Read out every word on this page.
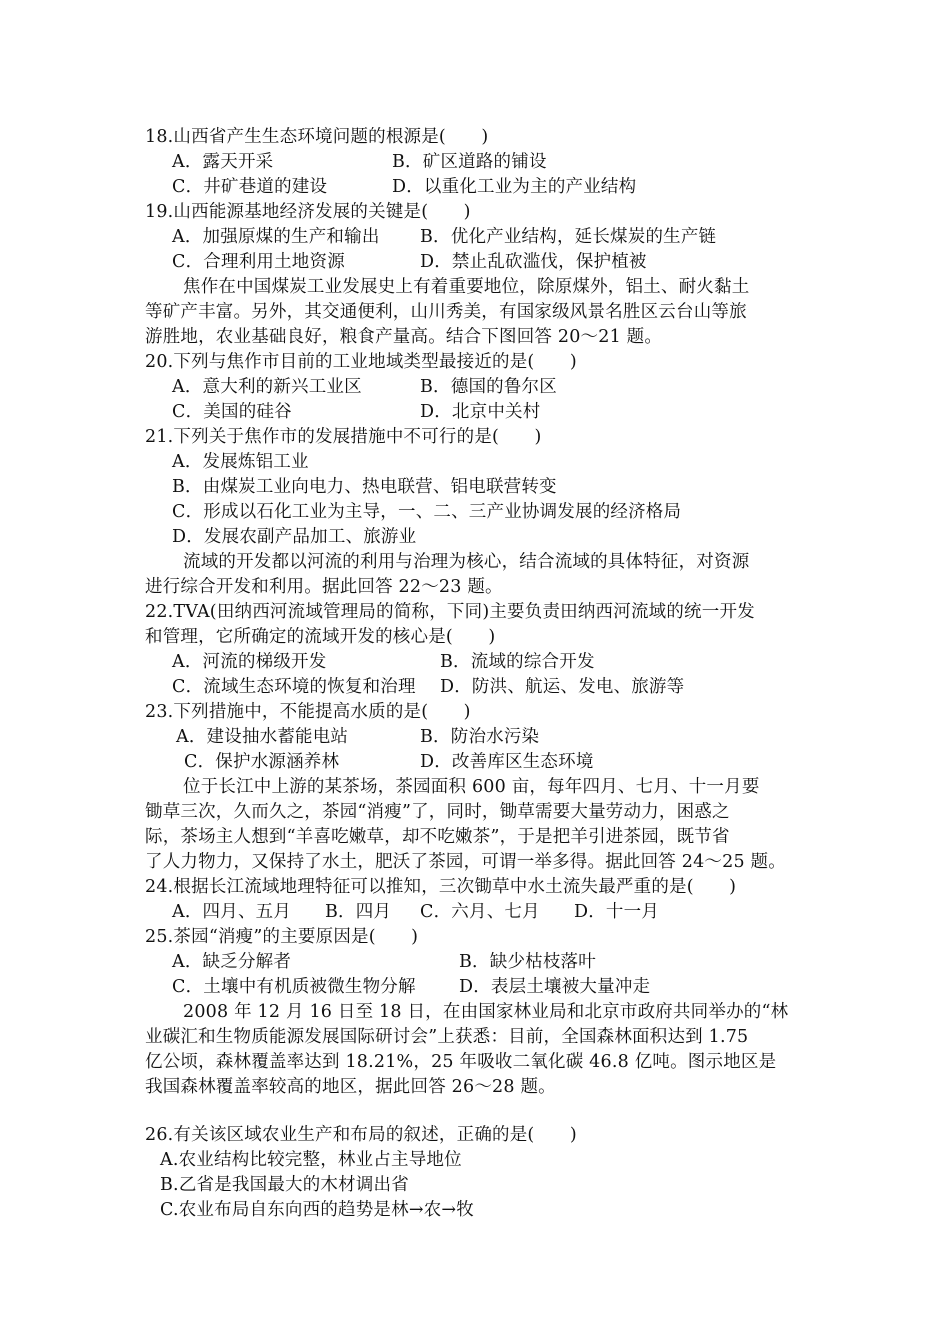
18.山西省产生生态环境问题的根源是(　　)
A．露天开采	B．矿区道路的铺设
C．井矿巷道的建设	D．以重化工业为主的产业结构
19.山西能源基地经济发展的关键是(　　)
A．加强原煤的生产和输出 B．优化产业结构，延长煤炭的生产链
C．合理利用土地资源	D．禁止乱砍滥伐，保护植被
焦作在中国煤炭工业发展史上有着重要地位，除原煤外，铝土、耐火黏土
等矿产丰富。另外，其交通便利，山川秀美，有国家级风景名胜区云台山等旅
游胜地，农业基础良好，粮食产量高。结合下图回答 20～21 题。
20.下列与焦作市目前的工业地域类型最接近的是(　　)
A．意大利的新兴工业区	B．德国的鲁尔区
C．美国的硅谷	D．北京中关村
21.下列关于焦作市的发展措施中不可行的是(　　)
A．发展炼铝工业
B．由煤炭工业向电力、热电联营、铝电联营转变
C．形成以石化工业为主导，一、二、三产业协调发展的经济格局
D．发展农副产品加工、旅游业
流域的开发都以河流的利用与治理为核心，结合流域的具体特征，对资源
进行综合开发和利用。据此回答 22～23 题。
22.TVA(田纳西河流域管理局的简称，下同)主要负责田纳西河流域的统一开发
和管理，它所确定的流域开发的核心是(　　)
A．河流的梯级开发	B．流域的综合开发
C．流域生态环境的恢复和治理 D．防洪、航运、发电、旅游等
23.下列措施中，不能提高水质的是(　　)
A．建设抽水蓄能电站	B．防治水污染
C．保护水源涵养林	D．改善库区生态环境
位于长江中上游的某茶场，茶园面积 600 亩，每年四月、七月、十一月要
锄草三次，久而久之，茶园“消瘦”了，同时，锄草需要大量劳动力，困惑之
际，茶场主人想到“羊喜吃嫩草，却不吃嫩茶”，于是把羊引进茶园，既节省
了人力物力，又保持了水土，肥沃了茶园，可谓一举多得。据此回答 24～25 题。
24.根据长江流域地理特征可以推知，三次锄草中水土流失最严重的是(　　)
A．四月、五月 B．四月 C．六月、七月 D．十一月
25.茶园“消瘦”的主要原因是(　　)
A．缺乏分解者	B．缺少枯枝落叶
C．土壤中有机质被微生物分解 D．表层土壤被大量冲走
2008 年 12 月 16 日至 18 日，在由国家林业局和北京市政府共同举办的“林
业碳汇和生物质能源发展国际研讨会”上获悉：目前，全国森林面积达到 1.75
亿公顷，森林覆盖率达到 18.21%，25 年吸收二氧化碳 46.8 亿吨。图示地区是
我国森林覆盖率较高的地区，据此回答 26～28 题。
26.有关该区域农业生产和布局的叙述，正确的是(　　)
A.农业结构比较完整，林业占主导地位
B.乙省是我国最大的木材调出省
C.农业布局自东向西的趋势是林→农→牧
